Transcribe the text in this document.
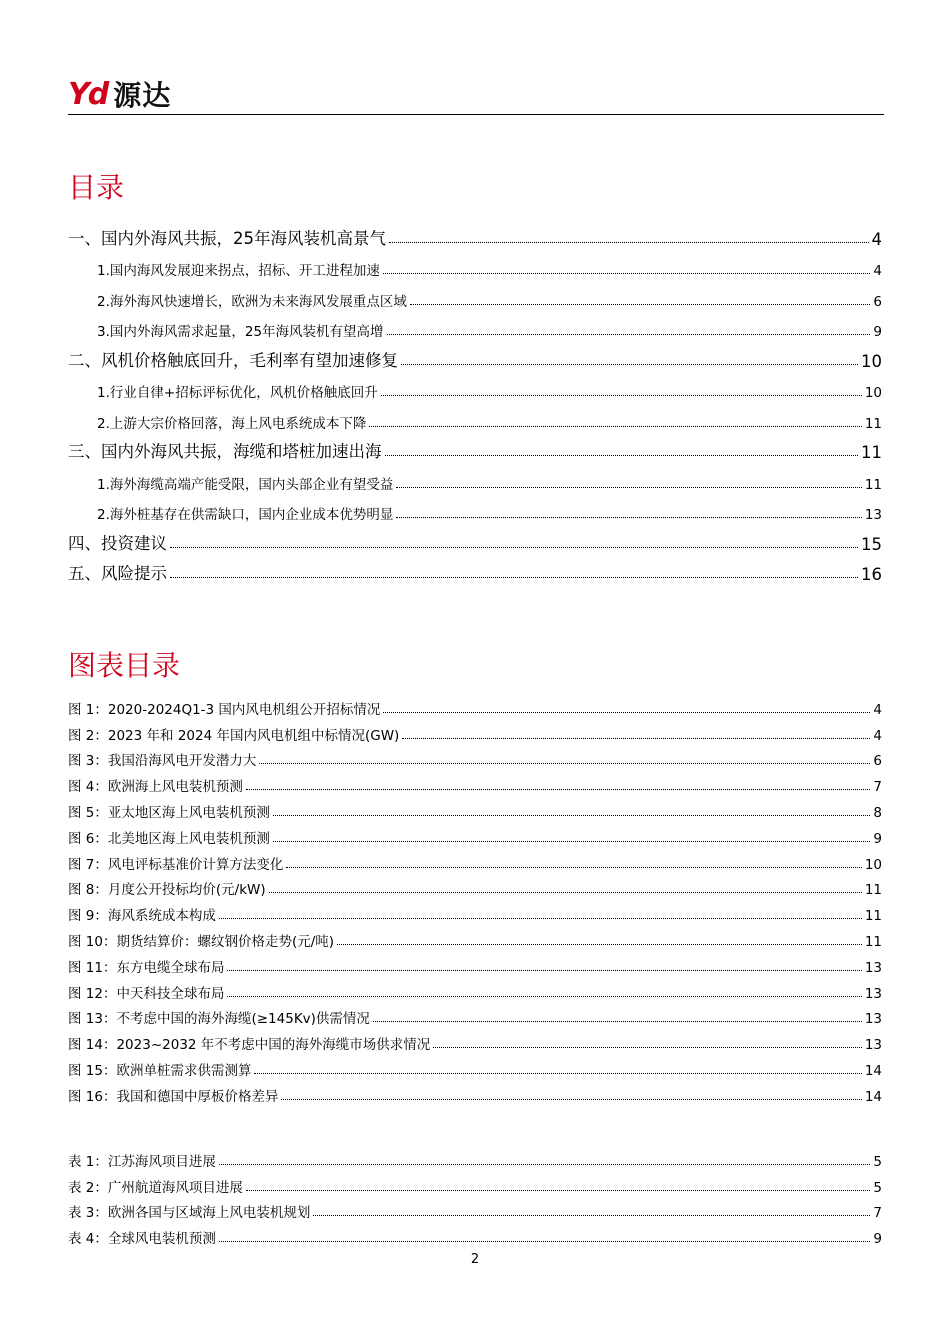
Yd 源达
目录
一、国内外海风共振，25年海风装机高景气	4
1.国内海风发展迎来拐点，招标、开工进程加速	4
2.海外海风快速增长，欧洲为未来海风发展重点区域	6
3.国内外海风需求起量，25年海风装机有望高增	9
二、风机价格触底回升，毛利率有望加速修复	10
1.行业自律+招标评标优化，风机价格触底回升	10
2.上游大宗价格回落，海上风电系统成本下降	11
三、国内外海风共振，海缆和塔桩加速出海	11
1.海外海缆高端产能受限，国内头部企业有望受益	11
2.海外桩基存在供需缺口，国内企业成本优势明显	13
四、投资建议	15
五、风险提示	16
图表目录
图 1：2020-2024Q1-3 国内风电机组公开招标情况	4
图 2：2023 年和 2024 年国内风电机组中标情况(GW)	4
图 3：我国沿海风电开发潜力大	6
图 4：欧洲海上风电装机预测	7
图 5：亚太地区海上风电装机预测	8
图 6：北美地区海上风电装机预测	9
图 7：风电评标基准价计算方法变化	10
图 8：月度公开投标均价(元/kW)	11
图 9：海风系统成本构成	11
图 10：期货结算价：螺纹钢价格走势(元/吨)	11
图 11：东方电缆全球布局	13
图 12：中天科技全球布局	13
图 13：不考虑中国的海外海缆(≥145Kv)供需情况	13
图 14：2023~2032 年不考虑中国的海外海缆市场供求情况	13
图 15：欧洲单桩需求供需测算	14
图 16：我国和德国中厚板价格差异	14
表 1：江苏海风项目进展	5
表 2：广州航道海风项目进展	5
表 3：欧洲各国与区域海上风电装机规划	7
表 4：全球风电装机预测	9
2
